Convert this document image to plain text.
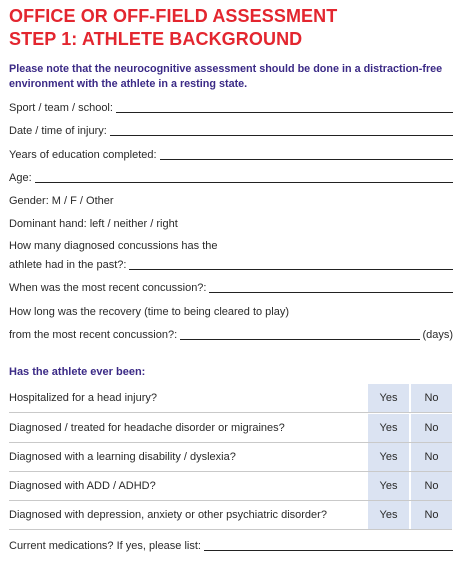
OFFICE OR OFF-FIELD ASSESSMENT
STEP 1: ATHLETE BACKGROUND
Please note that the neurocognitive assessment should be done in a distraction-free environment with the athlete in a resting state.
Sport / team / school:
Date / time of injury:
Years of education completed:
Age:
Gender: M / F / Other
Dominant hand: left / neither / right
How many diagnosed concussions has the
athlete had in the past?:
When was the most recent concussion?:
How long was the recovery (time to being cleared to play)
from the most recent concussion?:	(days)
Has the athlete ever been:
Hospitalized for a head injury?	Yes	No
Diagnosed / treated for headache disorder or migraines?	Yes	No
Diagnosed with a learning disability / dyslexia?	Yes	No
Diagnosed with ADD / ADHD?	Yes	No
Diagnosed with depression, anxiety or other psychiatric disorder?	Yes	No
Current medications? If yes, please list:
